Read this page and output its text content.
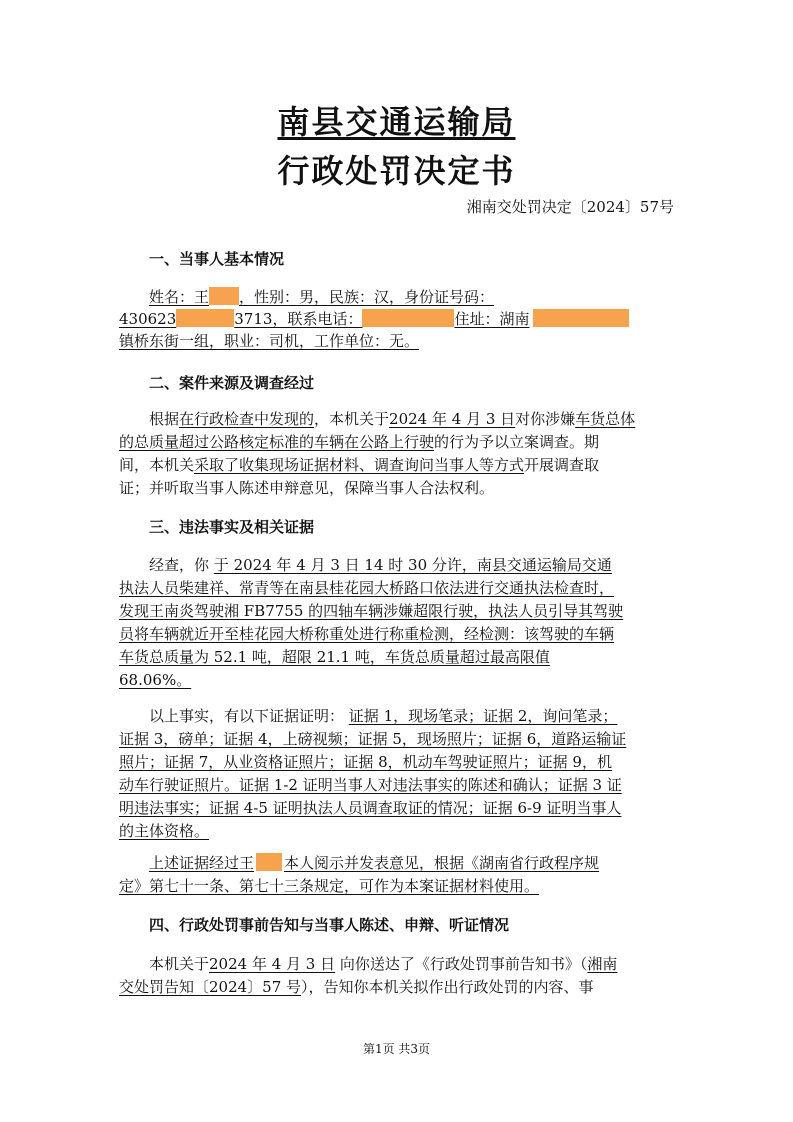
南县交通运输局
行政处罚决定书
湘南交处罚决定〔2024〕57号
一、当事人基本情况
姓名：王 ，性别：男，民族：汉，身份证号码：
430623	3713，联系电话：	住址：湖南
镇桥东街一组，职业：司机，工作单位：无。
二、案件来源及调查经过
根据在行政检查中发现的，本机关于2024 年 4 月 3 日对你涉嫌车货总体
的总质量超过公路核定标准的车辆在公路上行驶的行为予以立案调查。期
间，本机关采取了收集现场证据材料、调查询问当事人等方式开展调查取
证；并听取当事人陈述申辩意见，保障当事人合法权利。
三、违法事实及相关证据
经查，你 于 2024 年 4 月 3 日 14 时 30 分许，南县交通运输局交通
执法人员柴建祥、常青等在南县桂花园大桥路口依法进行交通执法检查时，
发现王南炎驾驶湘 FB7755 的四轴车辆涉嫌超限行驶，执法人员引导其驾驶
员将车辆就近开至桂花园大桥称重处进行称重检测，经检测：该驾驶的车辆
车货总质量为 52.1 吨，超限 21.1 吨，车货总质量超过最高限值
68.06%。
以上事实，有以下证据证明： 证据 1，现场笔录；证据 2，询问笔录；
证据 3，磅单；证据 4，上磅视频；证据 5，现场照片；证据 6，道路运输证
照片；证据 7，从业资格证照片；证据 8，机动车驾驶证照片；证据 9，机
动车行驶证照片。证据 1-2 证明当事人对违法事实的陈述和确认；证据 3 证
明违法事实；证据 4-5 证明执法人员调查取证的情况；证据 6-9 证明当事人
的主体资格。
上述证据经过王 本人阅示并发表意见，根据《湖南省行政程序规
定》第七十一条、第七十三条规定，可作为本案证据材料使用。
四、行政处罚事前告知与当事人陈述、申辩、听证情况
本机关于2024 年 4 月 3 日 向你送达了《行政处罚事前告知书》（湘南
交处罚告知〔2024〕57 号），告知你本机关拟作出行政处罚的内容、事
第1页 共3页
